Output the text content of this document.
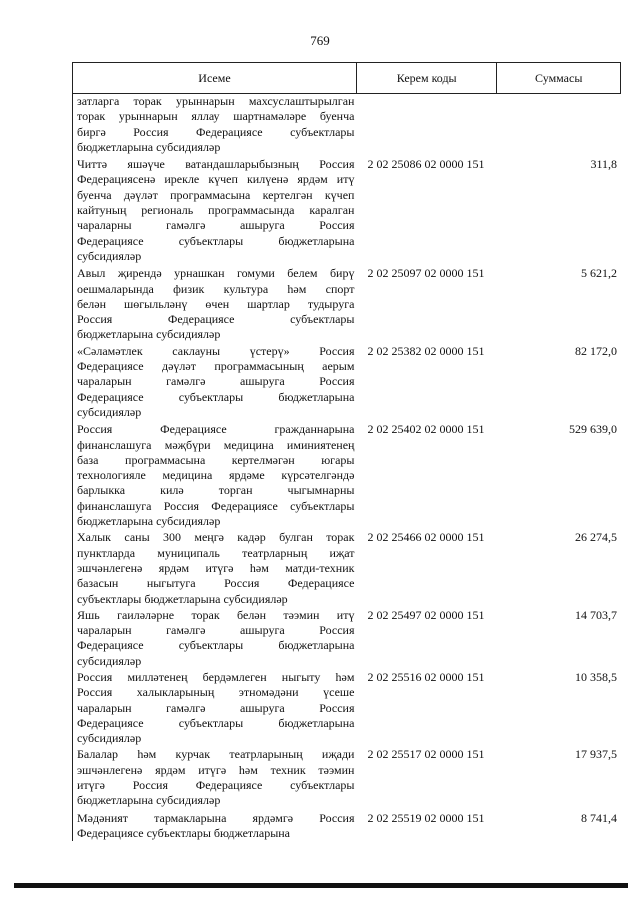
769
Исеме	Керем коды	Суммасы
затларга торак урыннарын махсуслаштырылган
торак урыннарын яллау шартнамәләре буенча
биргә Россия Федерациясе субъектлары
бюджетларына субсидияләр
Читтә яшәүче ватандашларыбызның Россия
Федерациясенә ирекле күчеп килүенә ярдәм итү
буенча дәүләт программасына кертелгән күчеп
кайтуның региональ программасында каралган
чараларны гамәлгә ашыруга Россия
Федерациясе субъектлары бюджетларына
субсидияләр
2 02 25086 02 0000 151	311,8
Авыл җирендә урнашкан гомуми белем бирү
оешмаларында физик культура һәм спорт
белән шөгыльләнү өчен шартлар тудыруга
Россия Федерациясе субъектлары
бюджетларына субсидияләр
2 02 25097 02 0000 151	5 621,2
«Сәламәтлек саклауны үстерү» Россия
Федерациясе дәүләт программасының аерым
чараларын гамәлгә ашыруга Россия
Федерациясе субъектлары бюджетларына
субсидияләр
2 02 25382 02 0000 151	82 172,0
Россия Федерациясе гражданнарына
финанслашуга мәҗбүри медицина иминиятенең
база программасына кертелмәгән югары
технологияле медицина ярдәме күрсәтелгәндә
барлыкка килә торган чыгымнарны
финанслашуга Россия Федерациясе субъектлары
бюджетларына субсидияләр
2 02 25402 02 0000 151	529 639,0
Халык саны 300 меңгә кадәр булган торак
пунктларда муниципаль театрларның иҗат
эшчәнлегенә ярдәм итүгә һәм матди-техник
базасын ныгытуга Россия Федерациясе
субъектлары бюджетларына субсидияләр
2 02 25466 02 0000 151	26 274,5
Яшь гаиләләрне торак белән тәэмин итү
чараларын гамәлгә ашыруга Россия
Федерациясе субъектлары бюджетларына
субсидияләр
2 02 25497 02 0000 151	14 703,7
Россия милләтенең бердәмлеген ныгыту һәм
Россия халыкларының этномәдәни үсеше
чараларын гамәлгә ашыруга Россия
Федерациясе субъектлары бюджетларына
субсидияләр
2 02 25516 02 0000 151	10 358,5
Балалар һәм курчак театрларының иҗади
эшчәнлегенә ярдәм итүгә һәм техник тәэмин
итүгә Россия Федерациясе субъектлары
бюджетларына субсидияләр
2 02 25517 02 0000 151	17 937,5
Мәдәният тармакларына ярдәмгә Россия
Федерациясе субъектлары бюджетларына
2 02 25519 02 0000 151	8 741,4
